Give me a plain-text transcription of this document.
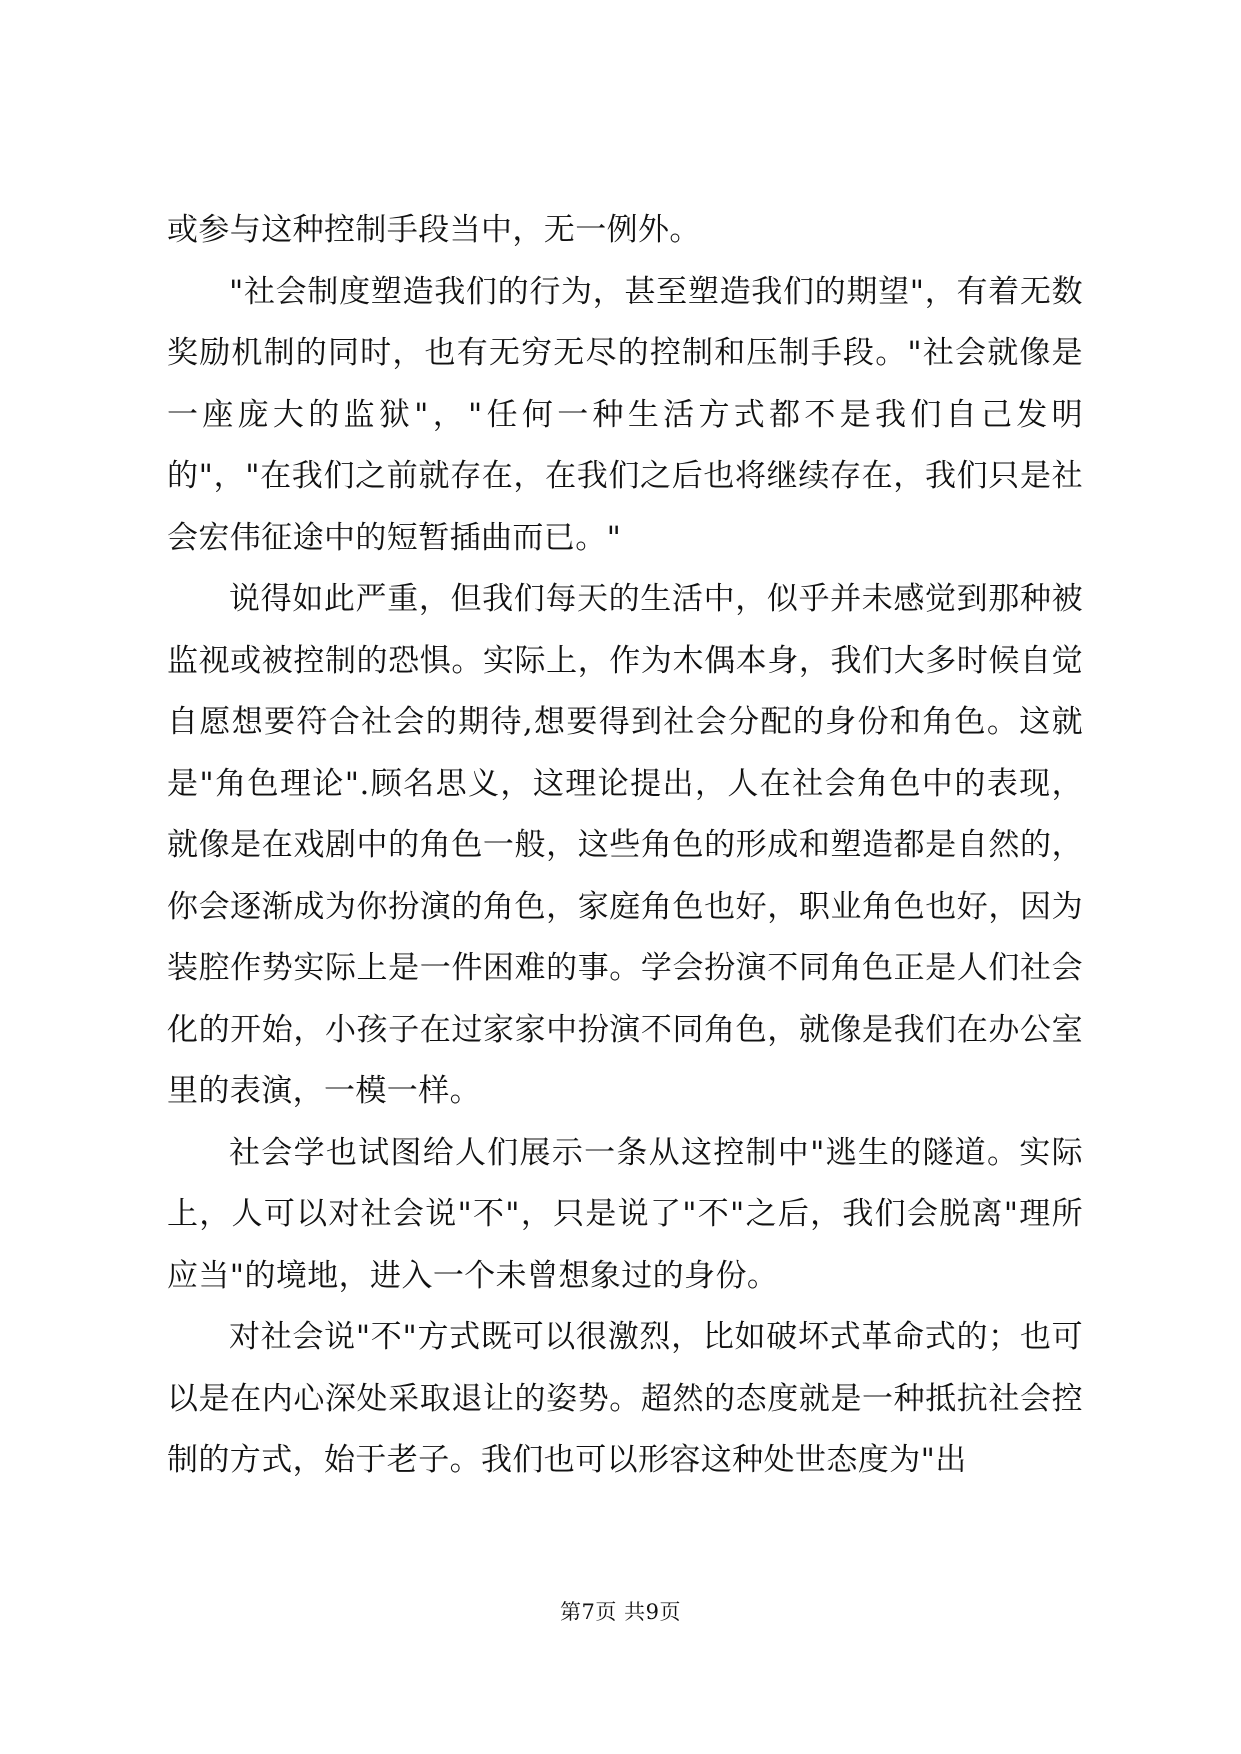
或参与这种控制手段当中，无一例外。

"社会制度塑造我们的行为，甚至塑造我们的期望"，有着无数奖励机制的同时，也有无穷无尽的控制和压制手段。"社会就像是一座庞大的监狱"，"任何一种生活方式都不是我们自己发明的"，"在我们之前就存在，在我们之后也将继续存在，我们只是社会宏伟征途中的短暂插曲而已。"

说得如此严重，但我们每天的生活中，似乎并未感觉到那种被监视或被控制的恐惧。实际上，作为木偶本身，我们大多时候自觉自愿想要符合社会的期待,想要得到社会分配的身份和角色。这就是"角色理论".顾名思义，这理论提出，人在社会角色中的表现，就像是在戏剧中的角色一般，这些角色的形成和塑造都是自然的，你会逐渐成为你扮演的角色，家庭角色也好，职业角色也好，因为装腔作势实际上是一件困难的事。学会扮演不同角色正是人们社会化的开始，小孩子在过家家中扮演不同角色，就像是我们在办公室里的表演，一模一样。

社会学也试图给人们展示一条从这控制中"逃生的隧道。实际上，人可以对社会说"不"，只是说了"不"之后，我们会脱离"理所应当"的境地，进入一个未曾想象过的身份。

对社会说"不"方式既可以很激烈，比如破坏式革命式的；也可以是在内心深处采取退让的姿势。超然的态度就是一种抵抗社会控制的方式，始于老子。我们也可以形容这种处世态度为"出

第7页 共9页
